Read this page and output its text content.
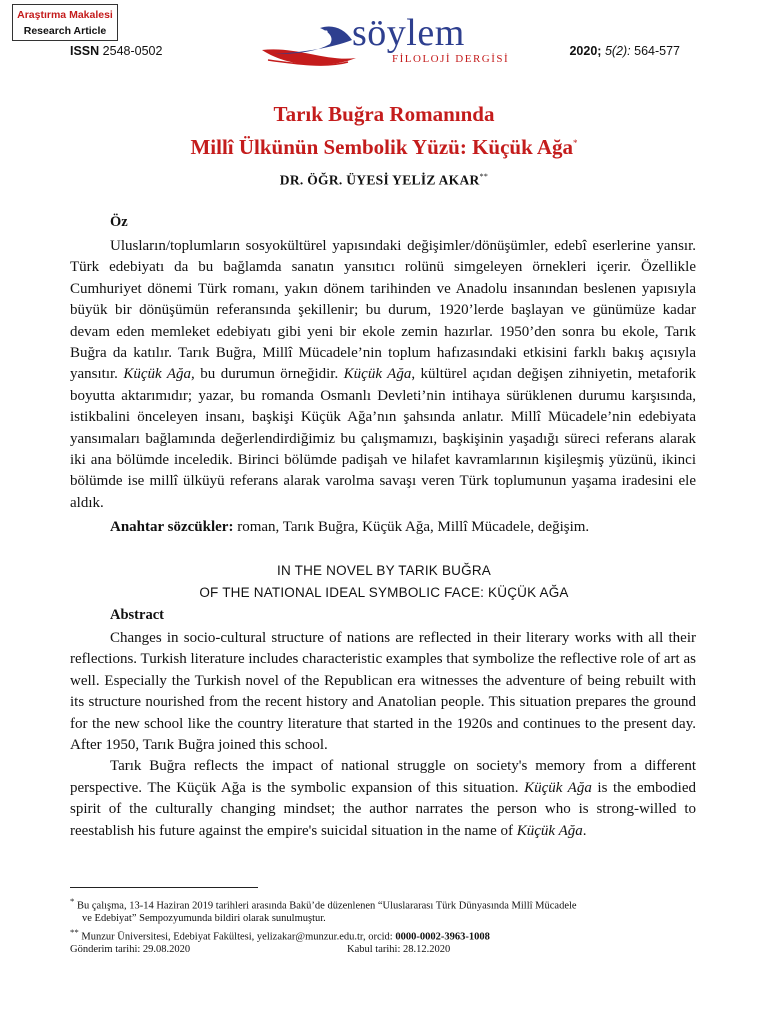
Araştırma Makalesi
Research Article
ISSN 2548-0502	söylem
FİLOLOJİ DERGİSİ
2020; 5(2): 564-577
Tarık Buğra Romanında
Millî Ülkünün Sembolik Yüzü: Küçük Ağa*
DR. ÖĞR. ÜYESİ YELİZ AKAR**
Öz

Ulusların/toplumların sosyokültürel yapısındaki değişimler/dönüşümler, edebî eserlerine yansır. Türk edebiyatı da bu bağlamda sanatın yansıtıcı rolünü simgeleyen örnekleri içerir. Özellikle Cumhuriyet dönemi Türk romanı, yakın dönem tarihinden ve Anadolu insanından beslenen yapısıyla büyük bir dönüşümün referansında şekillenir; bu durum, 1920’lerde başlayan ve günümüze kadar devam eden memleket edebiyatı gibi yeni bir ekole zemin hazırlar. 1950’den sonra bu ekole, Tarık Buğra da katılır. Tarık Buğra, Millî Mücadele’nin toplum hafızasındaki etkisini farklı bakış açısıyla yansıtır. Küçük Ağa, bu durumun örneğidir. Küçük Ağa, kültürel açıdan değişen zihniyetin, metaforik boyutta aktarımıdır; yazar, bu romanda Osmanlı Devleti’nin intihaya sürüklenen durumu karşısında, istikbalini önceleyen insanı, başkişi Küçük Ağa’nın şahsında anlatır. Millî Mücadele’nin edebiyata yansımaları bağlamında değerlendirdiğimiz bu çalışmamızı, başkişinin yaşadığı süreci referans alarak iki ana bölümde inceledik. Birinci bölümde padişah ve hilafet kavramlarının kişileşmiş yüzünü, ikinci bölümde ise millî ülküyü referans alarak varolma savaşı veren Türk toplumunun yaşama iradesini ele aldık.

Anahtar sözcükler: roman, Tarık Buğra, Küçük Ağa, Millî Mücadele, değişim.
IN THE NOVEL BY TARIK BUĞRA
OF THE NATIONAL IDEAL SYMBOLIC FACE: KÜÇÜK AĞA
Abstract

Changes in socio-cultural structure of nations are reflected in their literary works with all their reflections. Turkish literature includes characteristic examples that symbolize the reflective role of art as well. Especially the Turkish novel of the Republican era witnesses the adventure of being rebuilt with its structure nourished from the recent history and Anatolian people. This situation prepares the ground for the new school like the country literature that started in the 1920s and continues to the present day. After 1950, Tarık Buğra joined this school.

Tarık Buğra reflects the impact of national struggle on society's memory from a different perspective. The Küçük Ağa is the symbolic expansion of this situation. Küçük Ağa is the embodied spirit of the culturally changing mindset; the author narrates the person who is strong-willed to reestablish his future against the empire's suicidal situation in the name of Küçük Ağa.

* Bu çalışma, 13-14 Haziran 2019 tarihleri arasında Bakü’de düzenlenen “Uluslararası Türk Dünyasında Millî Mücadele
ve Edebiyat” Sempozyumunda bildiri olarak sunulmuştur.
** Munzur Üniversitesi, Edebiyat Fakültesi, yelizakar@munzur.edu.tr, orcid: 0000-0002-3963-1008
Gönderim tarihi: 29.08.2020	Kabul tarihi: 28.12.2020
